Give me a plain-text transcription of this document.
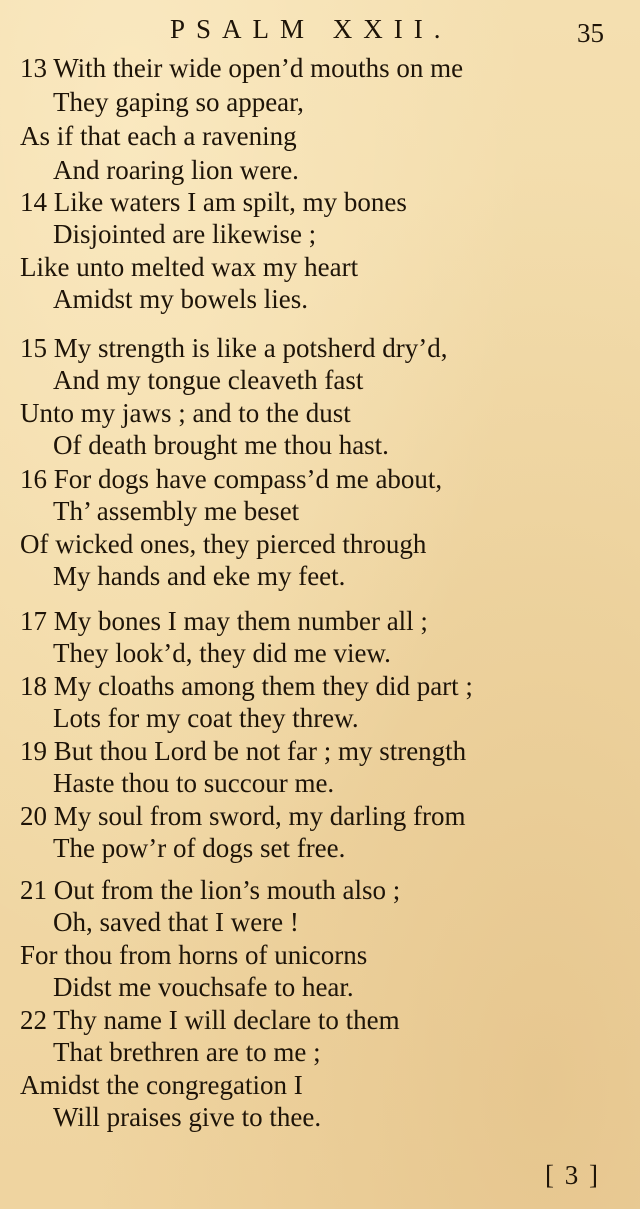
PSALM XXII.	35
13 With their wide open’d mouths on me
They gaping so appear,
As if that each a ravening
And roaring lion were.
14 Like waters I am spilt, my bones
Disjointed are likewise ;
Like unto melted wax my heart
Amidst my bowels lies.
15 My strength is like a potsherd dry’d,
And my tongue cleaveth fast
Unto my jaws ; and to the dust
Of death brought me thou hast.
16 For dogs have compass’d me about,
Th’ assembly me beset
Of wicked ones, they pierced through
My hands and eke my feet.
17 My bones I may them number all ;
They look’d, they did me view.
18 My cloaths among them they did part ;
Lots for my coat they threw.
19 But thou Lord be not far ; my strength
Haste thou to succour me.
20 My soul from sword, my darling from
The pow’r of dogs set free.
21 Out from the lion’s mouth also ;
Oh, saved that I were !
For thou from horns of unicorns
Didst me vouchsafe to hear.
22 Thy name I will declare to them
That brethren are to me ;
Amidst the congregation I
Will praises give to thee.
[ 3 ]
